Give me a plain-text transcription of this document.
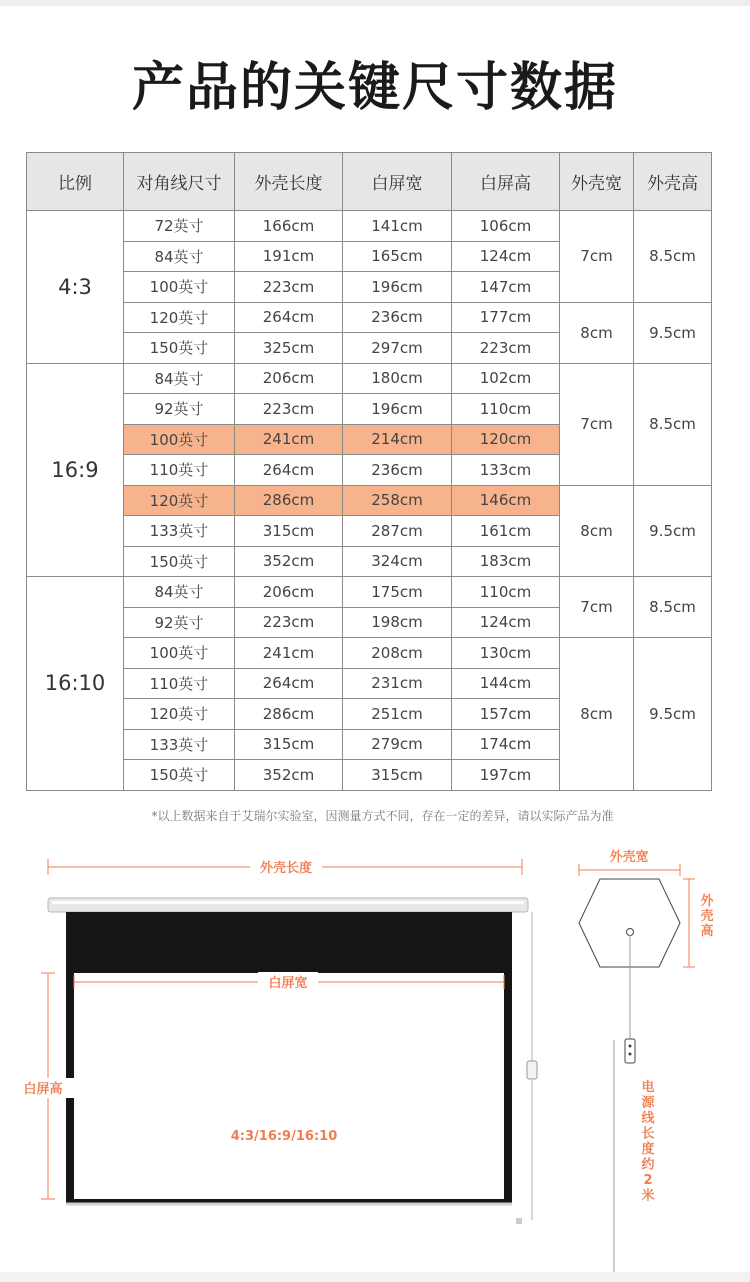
产品的关键尺寸数据
比例	对角线尺寸	外壳长度	白屏宽	白屏高	外壳宽	外壳高
4:3	72英寸	166cm	141cm	106cm	7cm	8.5cm
	84英寸	191cm	165cm	124cm		
	100英寸	223cm	196cm	147cm		
	120英寸	264cm	236cm	177cm	8cm	9.5cm
	150英寸	325cm	297cm	223cm		
16:9	84英寸	206cm	180cm	102cm	7cm	8.5cm
	92英寸	223cm	196cm	110cm		
	100英寸	241cm	214cm	120cm		
	110英寸	264cm	236cm	133cm		
	120英寸	286cm	258cm	146cm	8cm	9.5cm
	133英寸	315cm	287cm	161cm		
	150英寸	352cm	324cm	183cm		
16:10	84英寸	206cm	175cm	110cm	7cm	8.5cm
	92英寸	223cm	198cm	124cm		
	100英寸	241cm	208cm	130cm	8cm	9.5cm
	110英寸	264cm	231cm	144cm		
	120英寸	286cm	251cm	157cm		
	133英寸	315cm	279cm	174cm		
	150英寸	352cm	315cm	197cm		
*以上数据来自于艾瑞尔实验室，因测量方式不同，存在一定的差异，请以实际产品为准
外壳长度
白屏宽
白屏高
4:3/16:9/16:10
外壳宽
外壳高
电源线长度约 2 米
